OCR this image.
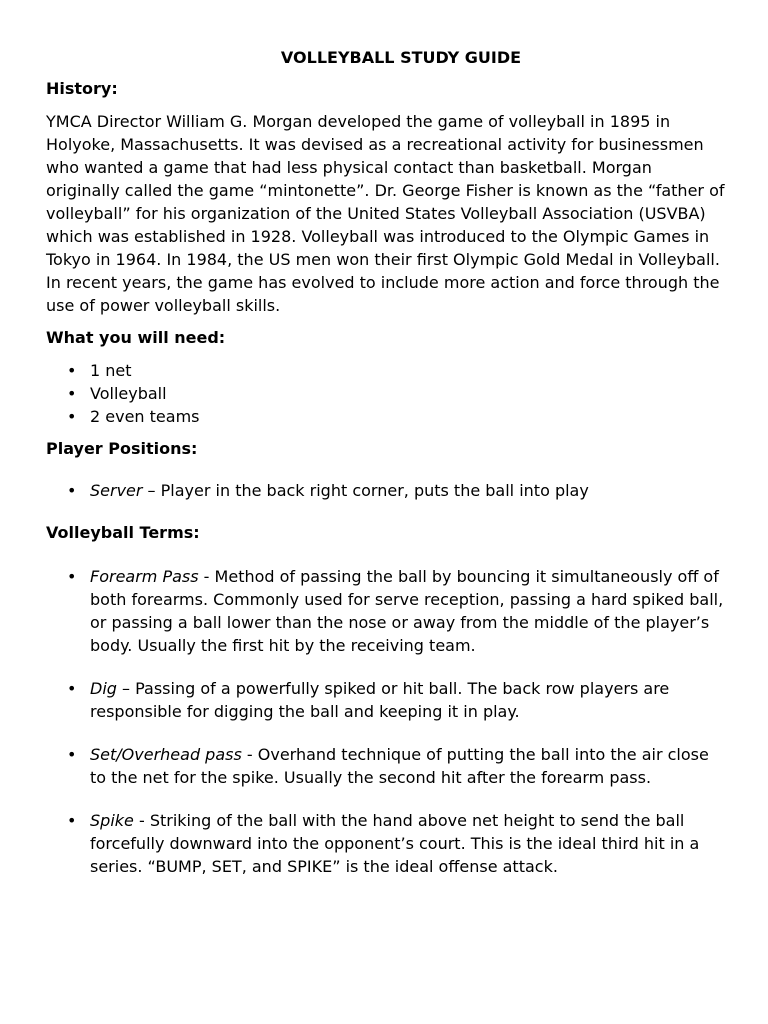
VOLLEYBALL STUDY GUIDE
History:

YMCA Director William G. Morgan developed the game of volleyball in 1895 in Holyoke, Massachusetts. It was devised as a recreational activity for businessmen who wanted a game that had less physical contact than basketball. Morgan originally called the game “mintonette”. Dr. George Fisher is known as the “father of volleyball” for his organization of the United States Volleyball Association (USVBA) which was established in 1928. Volleyball was introduced to the Olympic Games in Tokyo in 1964. In 1984, the US men won their first Olympic Gold Medal in Volleyball. In recent years, the game has evolved to include more action and force through the use of power volleyball skills.

What you will need:
• 1 net
• Volleyball
• 2 even teams
Player Positions:
• Server – Player in the back right corner, puts the ball into play
Volleyball Terms:
• Forearm Pass - Method of passing the ball by bouncing it simultaneously off of both forearms. Commonly used for serve reception, passing a hard spiked ball, or passing a ball lower than the nose or away from the middle of the player’s body. Usually the first hit by the receiving team.
• Dig – Passing of a powerfully spiked or hit ball. The back row players are responsible for digging the ball and keeping it in play.
• Set/Overhead pass - Overhand technique of putting the ball into the air close to the net for the spike. Usually the second hit after the forearm pass.
• Spike - Striking of the ball with the hand above net height to send the ball forcefully downward into the opponent’s court. This is the ideal third hit in a series. “BUMP, SET, and SPIKE” is the ideal offense attack.
